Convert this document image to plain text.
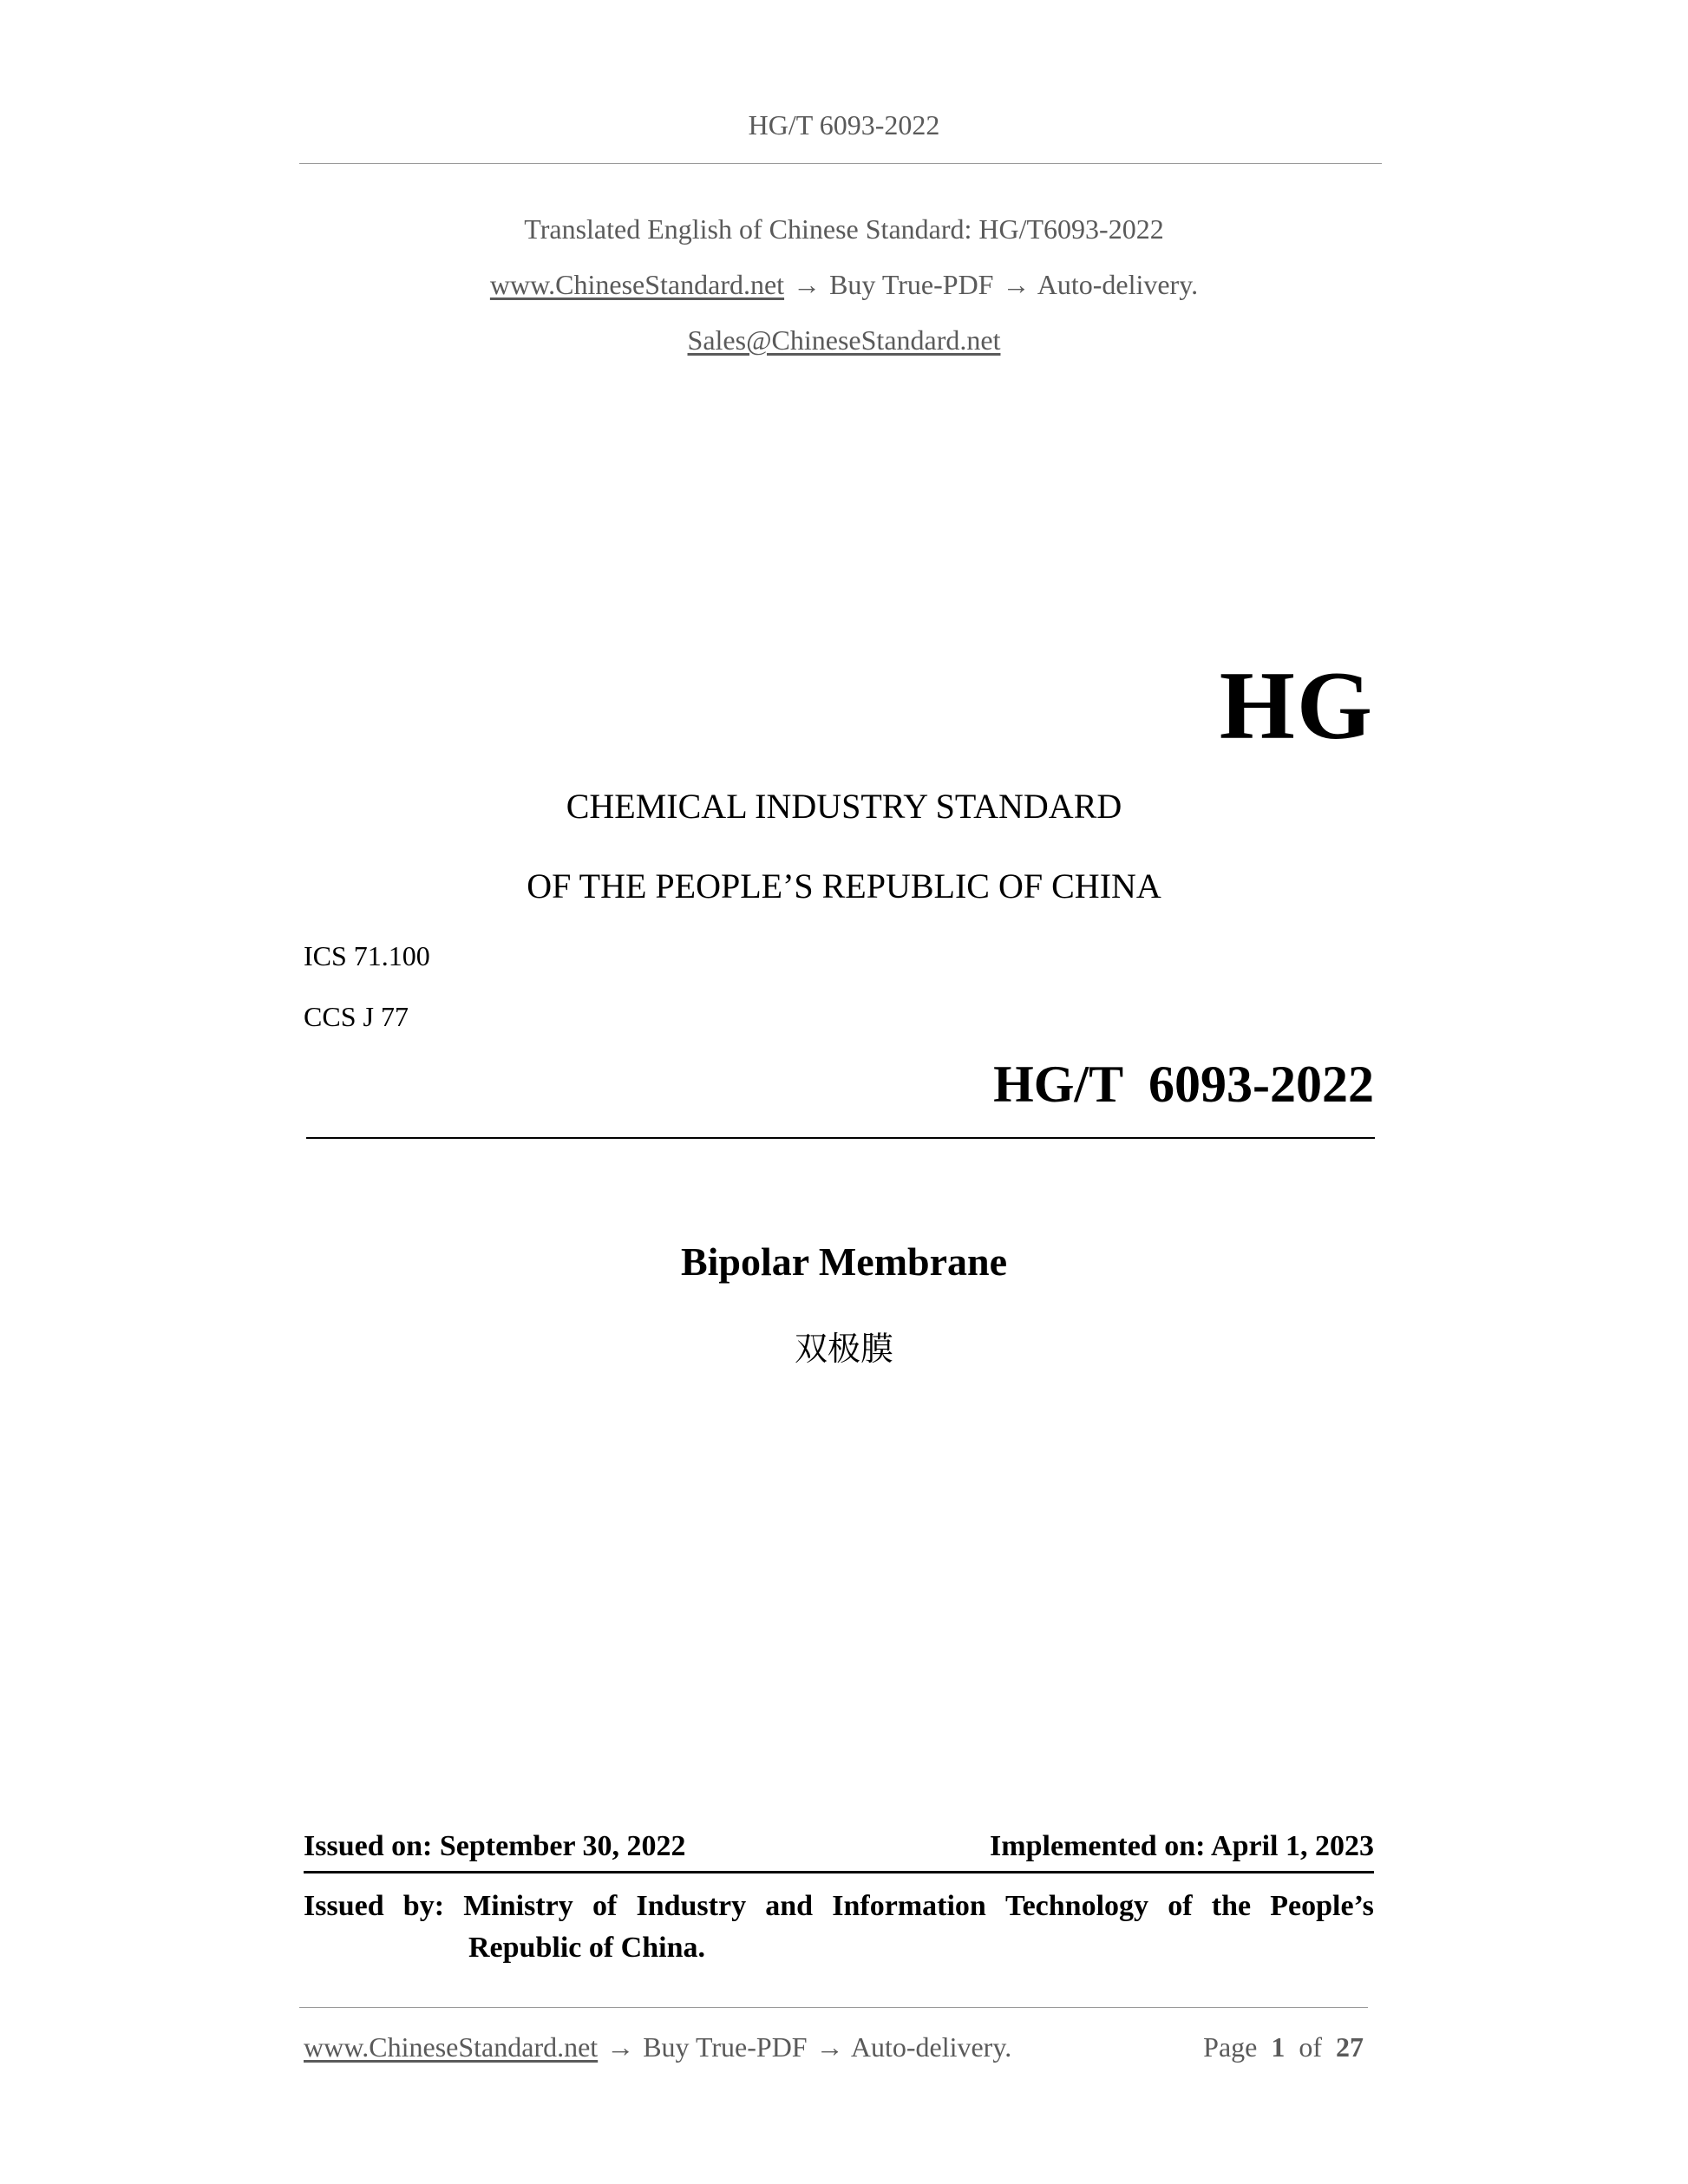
HG/T 6093-2022
Translated English of Chinese Standard: HG/T6093-2022
www.ChineseStandard.net → Buy True-PDF → Auto-delivery.
Sales@ChineseStandard.net
HG
CHEMICAL INDUSTRY STANDARD
OF THE PEOPLE’S REPUBLIC OF CHINA
ICS 71.100
CCS J 77
HG/T  6093-2022
Bipolar Membrane
双极膜
Issued on: September 30, 2022	Implemented on: April 1, 2023
Issued by: Ministry of Industry and Information Technology of the People’s
Republic of China.
www.ChineseStandard.net → Buy True-PDF → Auto-delivery.	Page 1 of 27
